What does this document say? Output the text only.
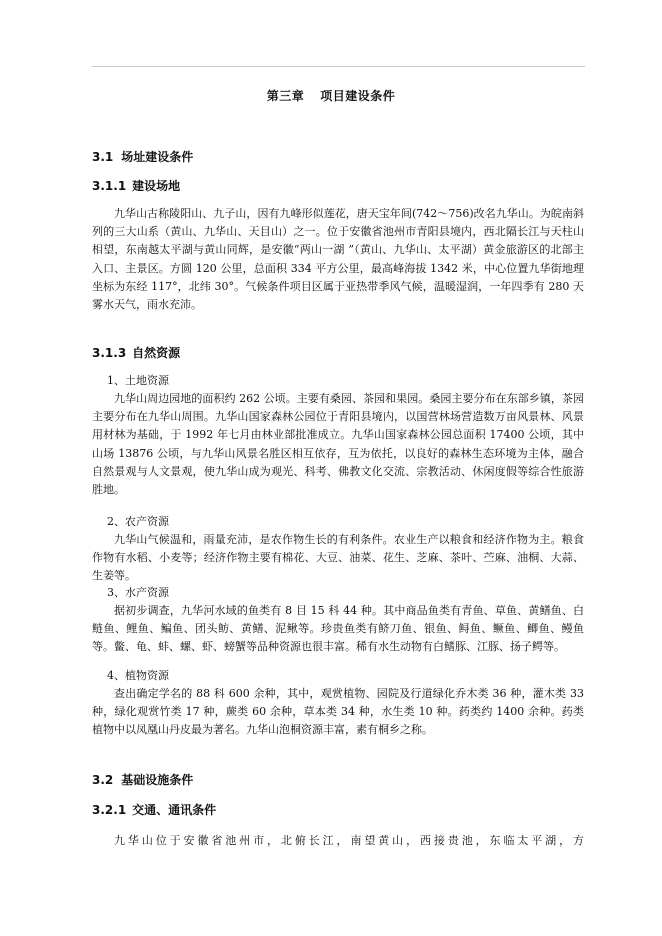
第三章 项目建设条件
3.1 场址建设条件
3.1.1 建设场地

九华山古称陵阳山、九子山，因有九峰形似莲花，唐天宝年间(742～756)改名九华山。为皖南斜列的三大山系（黄山、九华山、天目山）之一。位于安徽省池州市青阳县境内，西北隔长江与天柱山相望，东南越太平湖与黄山同辉，是安徽“两山一湖 ”（黄山、九华山、太平湖）黄金旅游区的北部主入口、主景区。方圆 120 公里，总面积 334 平方公里，最高峰海拔 1342 米，中心位置九华街地理坐标为东经 117°，北纬 30°。气候条件项目区属于亚热带季风气候，温暖湿润，一年四季有 280 天雾水天气，雨水充沛。

3.1.3 自然资源
1、土地资源

九华山周边园地的面积约 262 公顷。主要有桑园、茶园和果园。桑园主要分布在东部乡镇，茶园主要分布在九华山周围。九华山国家森林公园位于青阳县境内，以国营林场营造数万亩风景林、风景用材林为基础，于 1992 年七月由林业部批准成立。九华山国家森林公园总面积 17400 公顷，其中山场 13876 公顷，与九华山风景名胜区相互依存，互为依托，以良好的森林生态环境为主体，融合自然景观与人文景观，使九华山成为观光、科考、佛教文化交流、宗教活动、休闲度假等综合性旅游胜地。

2、农产资源

九华山气候温和，雨量充沛，是农作物生长的有利条件。农业生产以粮食和经济作物为主。粮食作物有水稻、小麦等；经济作物主要有棉花、大豆、油菜、花生、芝麻、茶叶、苎麻、油桐、大蒜、生姜等。

3、水产资源

据初步调查，九华河水域的鱼类有 8 目 15 科 44 种。其中商品鱼类有青鱼、草鱼、黄鳝鱼、白鲢鱼、鲤鱼、鳊鱼、团头鲂、黄鳝、泥鳅等。珍贵鱼类有鲚刀鱼、银鱼、鲟鱼、鳜鱼、鲫鱼、鳗鱼等。鳖、龟、蚌、螺、虾、螃蟹等品种资源也很丰富。稀有水生动物有白鳍豚、江豚、扬子鳄等。

4、植物资源

查出确定学名的 88 科 600 余种，其中，观赏植物、园院及行道绿化乔木类 36 种，灌木类 33 种，绿化观赏竹类 17 种，蕨类 60 余种，草本类 34 种，水生类 10 种。药类约 1400 余种。药类植物中以凤凰山丹皮最为著名。九华山泡桐资源丰富，素有桐乡之称。

3.2 基础设施条件
3.2.1 交通、通讯条件

九华山位于安徽省池州市，北俯长江，南望黄山，西接贵池，东临太平湖，方
